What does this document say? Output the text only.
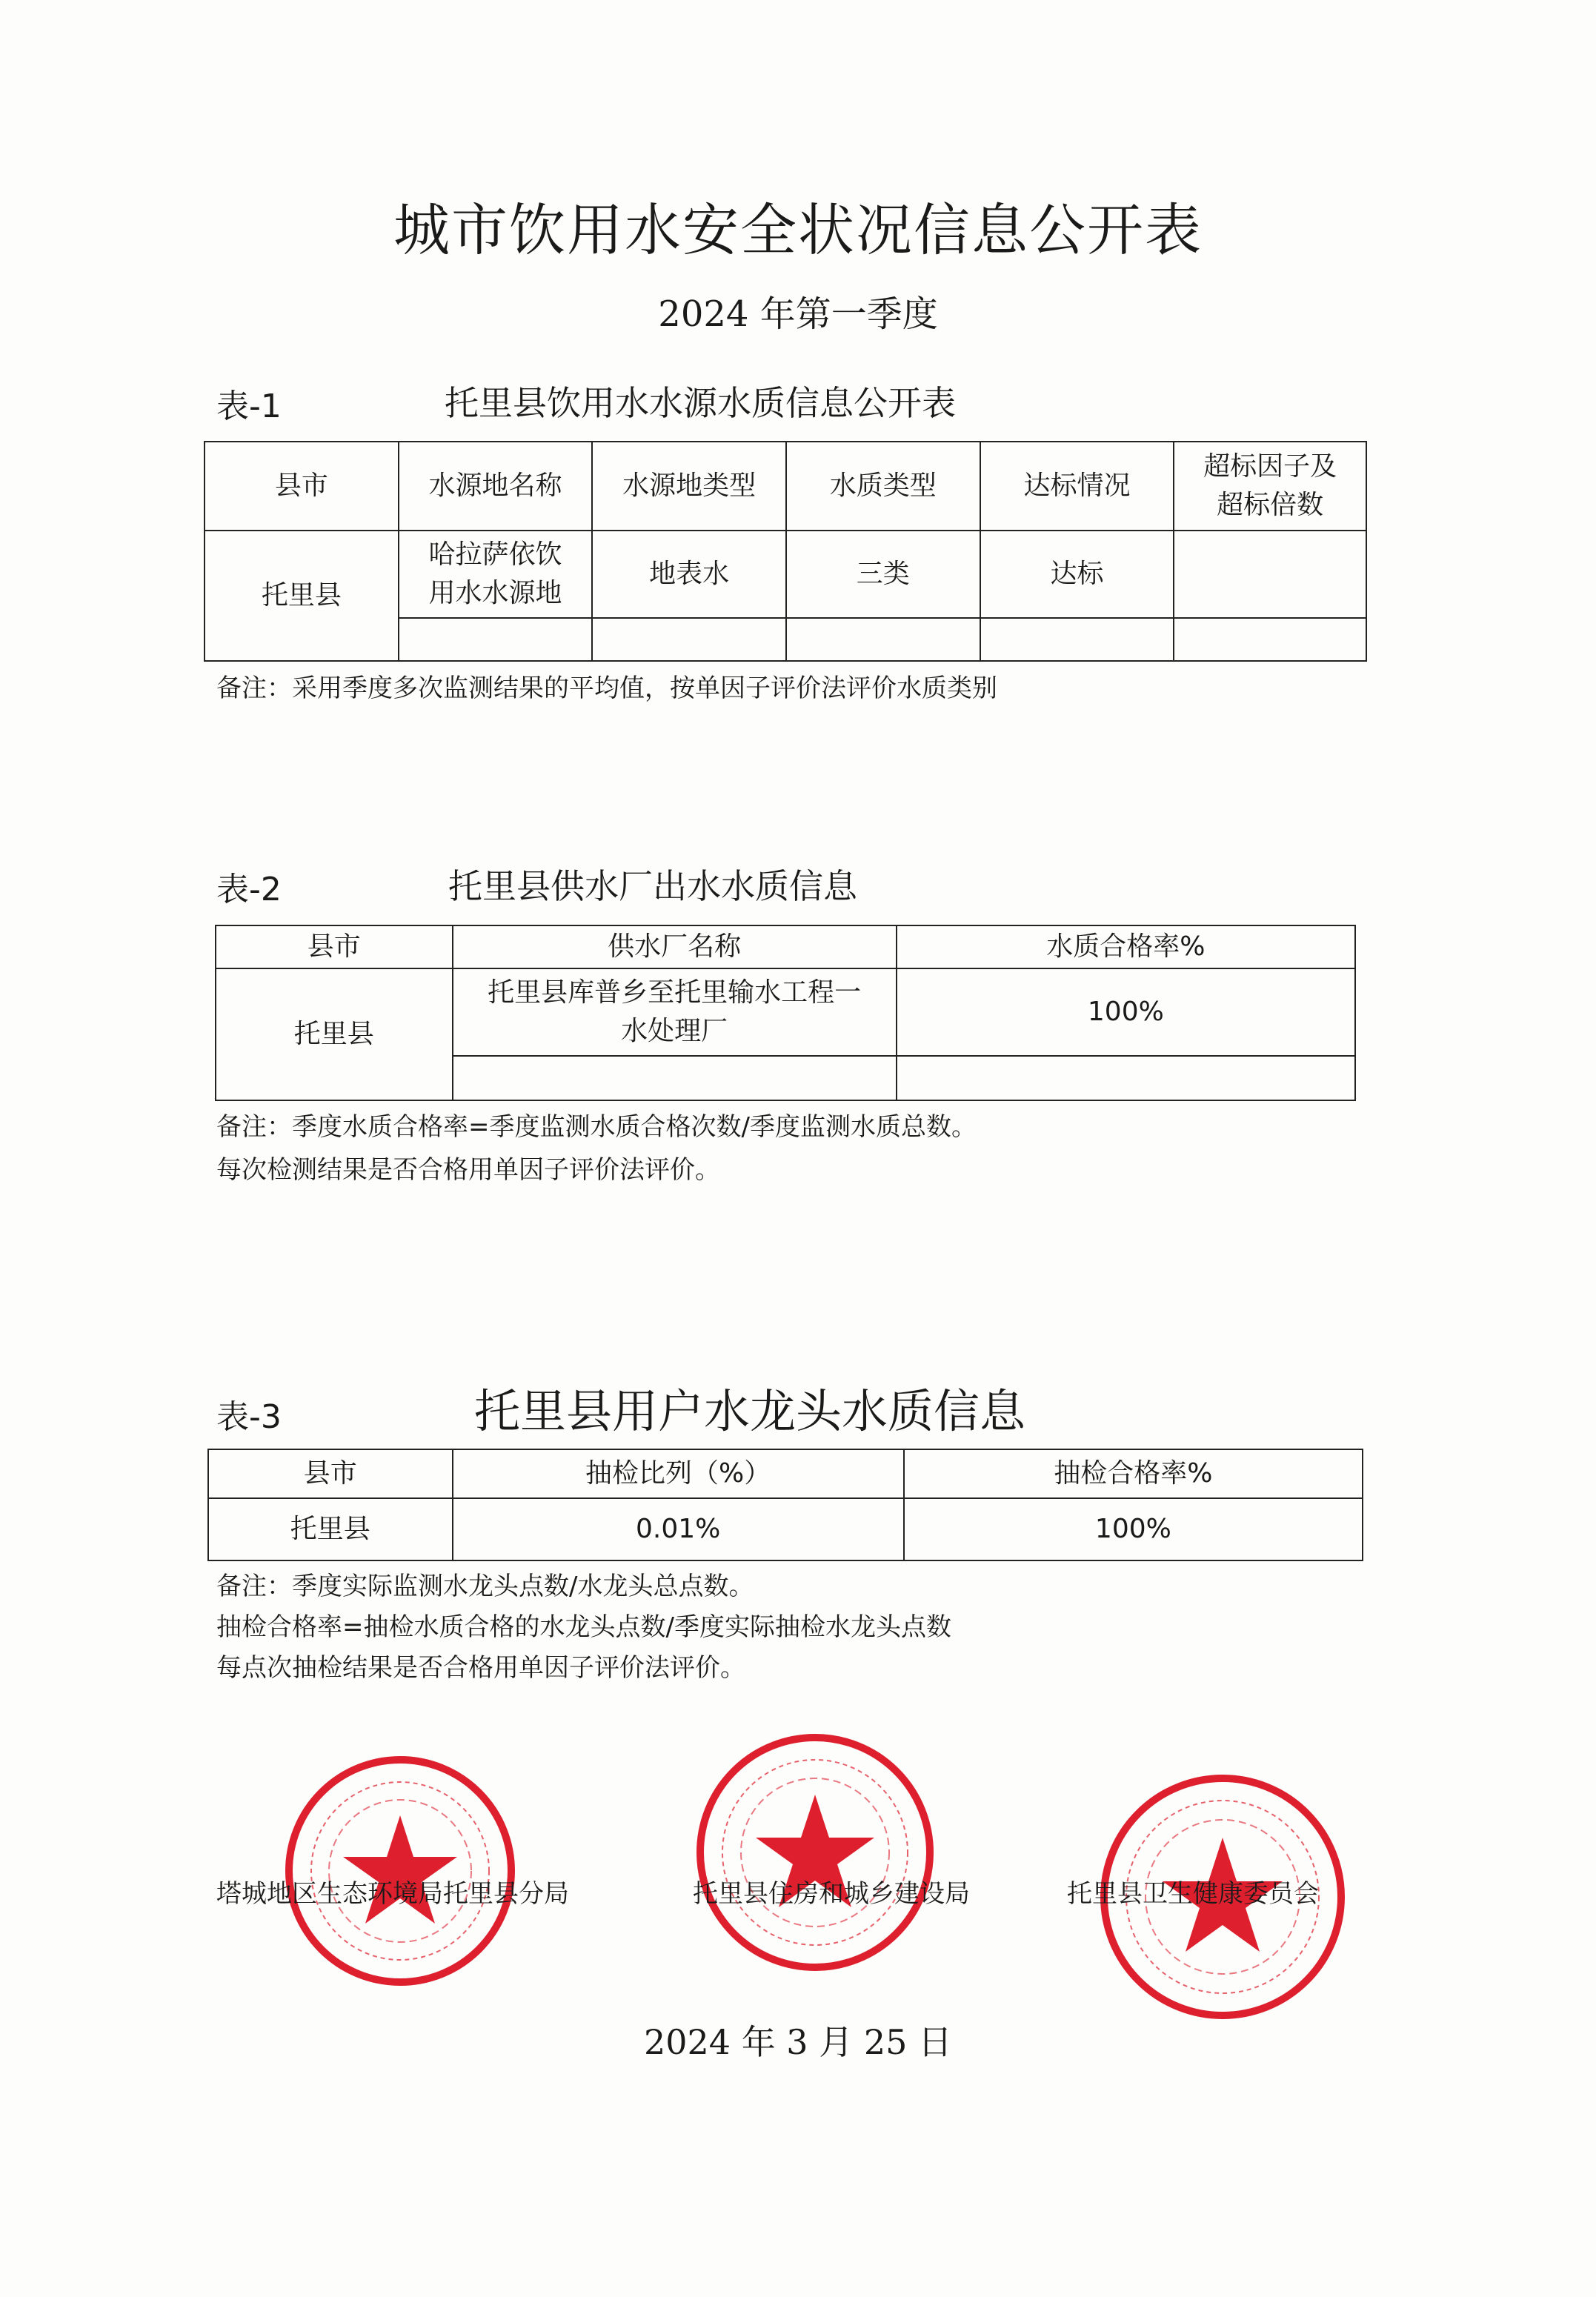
城市饮用水安全状况信息公开表
2024 年第一季度
表-1	托里县饮用水水源水质信息公开表
县市	水源地名称	水源地类型	水质类型	达标情况	超标因子及
超标倍数
托里县	哈拉萨依饮
用水水源地	地表水	三类	达标	

备注：采用季度多次监测结果的平均值，按单因子评价法评价水质类别
表-2	托里县供水厂出水水质信息
县市	供水厂名称	水质合格率%
托里县	托里县库普乡至托里输水工程一
水处理厂	100%

备注：季度水质合格率=季度监测水质合格次数/季度监测水质总数。
每次检测结果是否合格用单因子评价法评价。
表-3	托里县用户水龙头水质信息
县市	抽检比列（%）	抽检合格率%
托里县	0.01%	100%
备注：季度实际监测水龙头点数/水龙头总点数。
抽检合格率=抽检水质合格的水龙头点数/季度实际抽检水龙头点数
每点次抽检结果是否合格用单因子评价法评价。
塔城地区生态环境局托里县分局	托里县住房和城乡建设局	托里县卫生健康委员会
2024 年 3 月 25 日
